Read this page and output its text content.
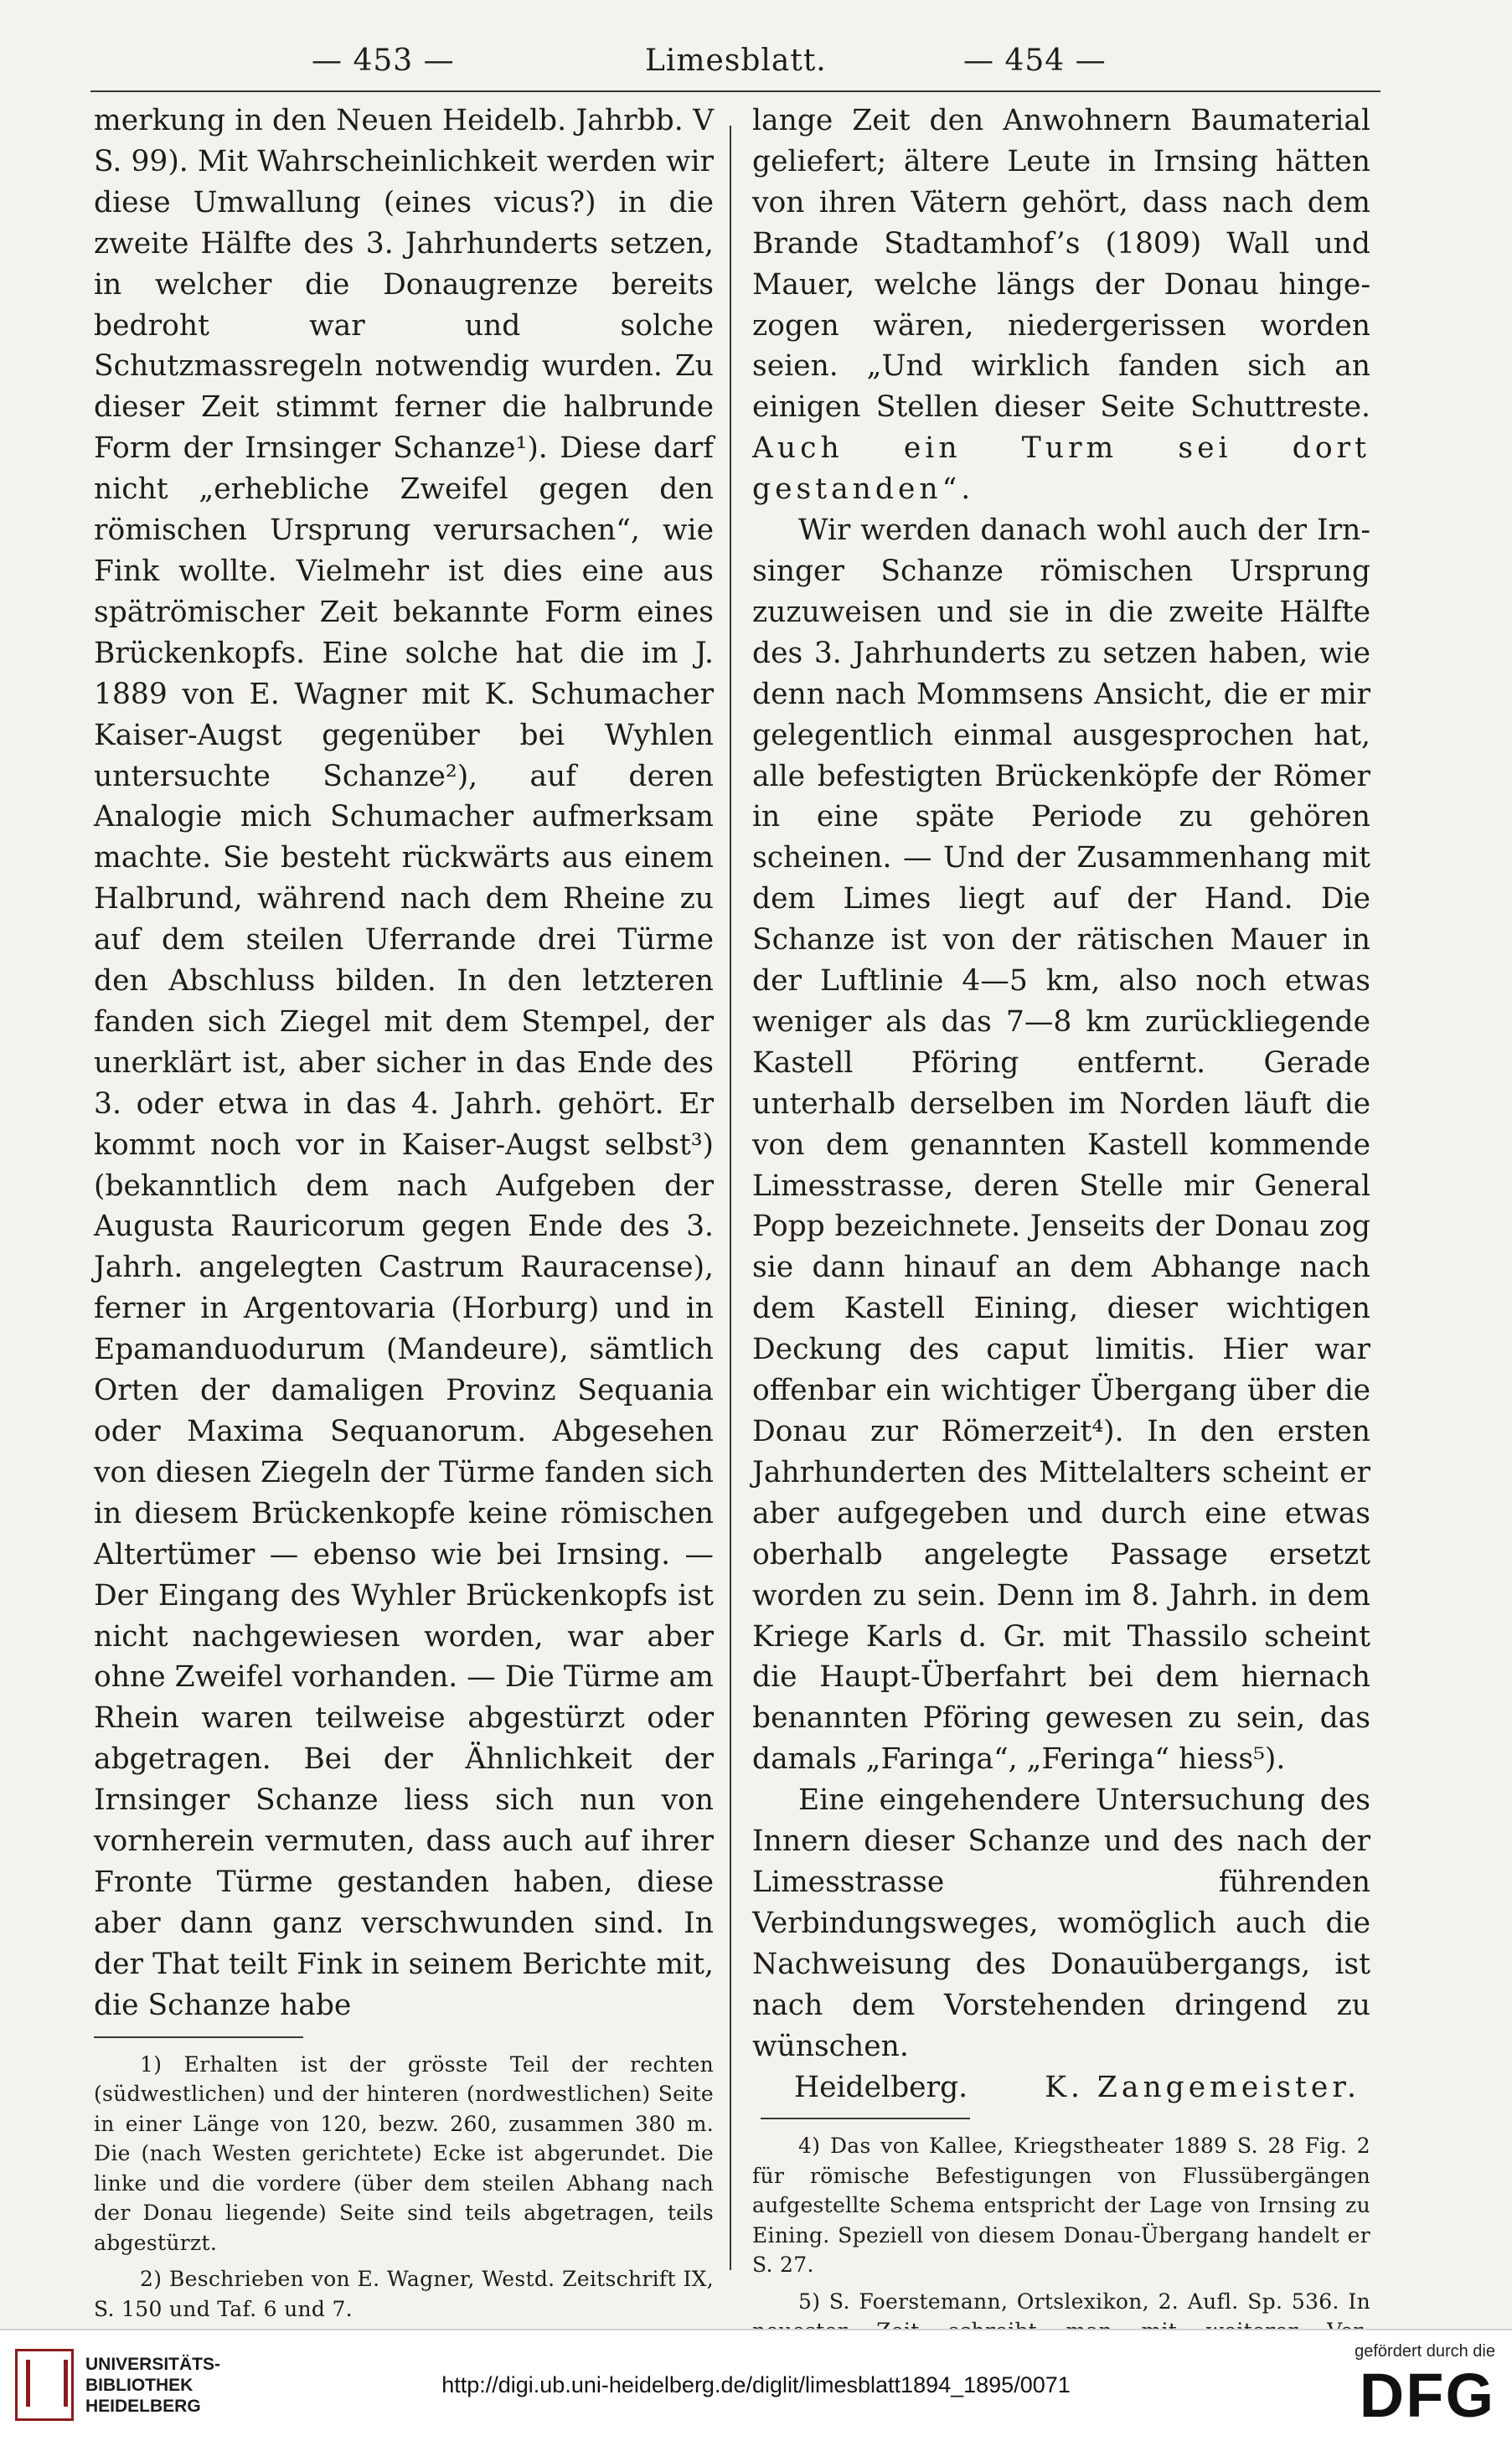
— 453 —	Limesblatt.	— 454 —

merkung in den Neuen Heidelb. Jahrbb. V S. 99). Mit Wahrscheinlichkeit werden wir diese Umwallung (eines vicus?) in die zweite Hälfte des 3. Jahrhunderts setzen, in welcher die Donaugrenze bereits bedroht war und solche Schutzmassregeln notwendig wurden. Zu dieser Zeit stimmt ferner die halbrunde Form der Irnsinger Schanze¹). Diese darf nicht „erhebliche Zweifel gegen den römischen Ursprung verursachen“, wie Fink wollte. Vielmehr ist dies eine aus spätrömischer Zeit bekannte Form eines Brückenkopfs. Eine solche hat die im J. 1889 von E. Wagner mit K. Schumacher Kaiser-Augst gegenüber bei Wyhlen untersuchte Schanze²), auf deren Analogie mich Schumacher aufmerksam machte. Sie besteht rückwärts aus einem Halbrund, während nach dem Rheine zu auf dem steilen Uferrande drei Türme den Abschluss bilden. In den letzteren fanden sich Ziegel mit dem Stempel, der unerklärt ist, aber sicher in das Ende des 3. oder etwa in das 4. Jahrh. gehört. Er kommt noch vor in Kaiser-Augst selbst³) (bekanntlich dem nach Aufgeben der Augusta Rauricorum gegen Ende des 3. Jahrh. angelegten Castrum Rauracense), ferner in Argentovaria (Horburg) und in Epamanduodurum (Mandeure), sämtlich Orten der damaligen Provinz Sequania oder Maxima Sequanorum. Abgesehen von diesen Ziegeln der Türme fanden sich in diesem Brückenkopfe keine römischen Altertümer — ebenso wie bei Irnsing. — Der Eingang des Wyhler Brückenkopfs ist nicht nachgewiesen worden, war aber ohne Zweifel vorhanden. — Die Türme am Rhein waren teilweise abgestürzt oder abgetragen. Bei der Ähnlichkeit der Irnsinger Schanze liess sich nun von vornherein vermuten, dass auch auf ihrer Fronte Türme gestanden haben, diese aber dann ganz verschwunden sind. In der That teilt Fink in seinem Berichte mit, die Schanze habe

1) Erhalten ist der grösste Teil der rechten (südwestlichen) und der hinteren (nordwestlichen) Seite in einer Länge von 120, bezw. 260, zusammen 380 m. Die (nach Westen gerichtete) Ecke ist abgerundet. Die linke und die vordere (über dem steilen Abhang nach der Donau liegende) Seite sind teils abgetragen, teils abgestürzt.

2) Beschrieben von E. Wagner, Westd. Zeitschrift IX, S. 150 und Taf. 6 und 7.

lange Zeit den Anwohnern Baumaterial geliefert; ältere Leute in Irnsing hätten von ihren Vätern gehört, dass nach dem Brande Stadtamhof’s (1809) Wall und Mauer, welche längs der Donau hingezogen wären, niedergerissen worden seien. „Und wirklich fanden sich an einigen Stellen dieser Seite Schuttreste. Auch ein Turm sei dort gestanden“.

Wir werden danach wohl auch der Irnsinger Schanze römischen Ursprung zuzuweisen und sie in die zweite Hälfte des 3. Jahrhunderts zu setzen haben, wie denn nach Mommsens Ansicht, die er mir gelegentlich einmal ausgesprochen hat, alle befestigten Brückenköpfe der Römer in eine späte Periode zu gehören scheinen. — Und der Zusammenhang mit dem Limes liegt auf der Hand. Die Schanze ist von der rätischen Mauer in der Luftlinie 4—5 km, also noch etwas weniger als das 7—8 km zurückliegende Kastell Pföring entfernt. Gerade unterhalb derselben im Norden läuft die von dem genannten Kastell kommende Limesstrasse, deren Stelle mir General Popp bezeichnete. Jenseits der Donau zog sie dann hinauf an dem Abhange nach dem Kastell Eining, dieser wichtigen Deckung des caput limitis. Hier war offenbar ein wichtiger Übergang über die Donau zur Römerzeit⁴). In den ersten Jahrhunderten des Mittelalters scheint er aber aufgegeben und durch eine etwas oberhalb angelegte Passage ersetzt worden zu sein. Denn im 8. Jahrh. in dem Kriege Karls d. Gr. mit Thassilo scheint die Haupt-Überfahrt bei dem hiernach benannten Pföring gewesen zu sein, das damals „Faringa“, „Feringa“ hiess⁵).

Eine eingehendere Untersuchung des Innern dieser Schanze und des nach der Limesstrasse führenden Verbindungsweges, womöglich auch die Nachweisung des Donauübergangs, ist nach dem Vorstehenden dringend zu wünschen.

Heidelberg.	K. Zangemeister.

4) Das von Kallee, Kriegstheater 1889 S. 28 Fig. 2 für römische Befestigungen von Flussübergängen aufgestellte Schema entspricht der Lage von Irnsing zu Eining. Speziell von diesem Donau-Übergang handelt er S. 27.

5) S. Foerstemann, Ortslexikon, 2. Aufl. Sp. 536. In

UNIVERSITÄTS-
BIBLIOTHEK
HEIDELBERG
http://digi.ub.uni-heidelberg.de/diglit/limesblatt1894_1895/0071
gefördert durch die
DFG
